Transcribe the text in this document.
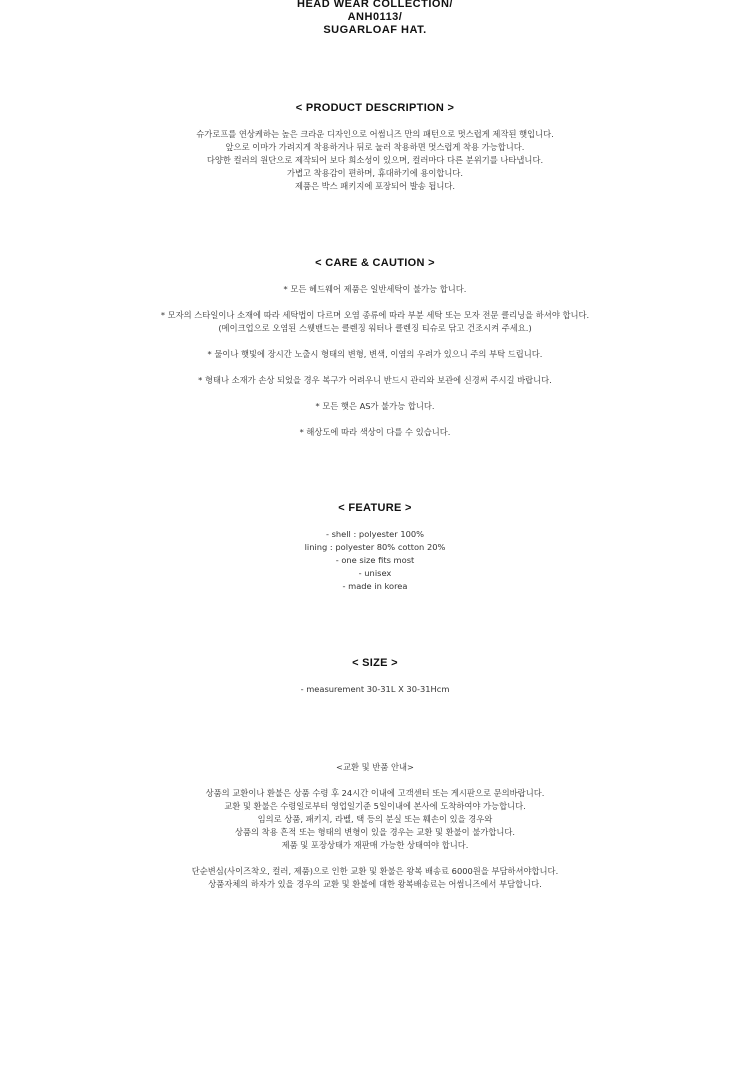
HEAD WEAR COLLECTION/
ANH0113/
SUGARLOAF HAT.
< PRODUCT DESCRIPTION >
슈가로프를 연상케하는 높은 크라운 디자인으로 어썸니즈 만의 패턴으로 멋스럽게 제작된 햇입니다.
앞으로 이마가 가려지게 착용하거나 뒤로 눌러 착용하면 멋스럽게 착용 가능합니다.
다양한 컬러의 원단으로 제작되어 보다 희소성이 있으며, 컬러마다 다른 분위기를 나타냅니다.
가볍고 착용감이 편하며, 휴대하기에 용이합니다.
제품은 박스 패키지에 포장되어 발송 됩니다.
< CARE & CAUTION >
* 모든 헤드웨어 제품은 일반세탁이 불가능 합니다.
* 모자의 스타일이나 소재에 따라 세탁법이 다르며 오염 종류에 따라 부분 세탁 또는 모자 전문 클리닝을 하셔야 합니다.
(메이크업으로 오염된 스웻밴드는 클렌징 워터나 클렌징 티슈로 닦고 건조시켜 주세요.)
* 물이나 햇빛에 장시간 노출시 형태의 변형, 변색, 이염의 우려가 있으니 주의 부탁 드립니다.
* 형태나 소재가 손상 되었을 경우 복구가 어려우니 반드시 관리와 보관에 신경써 주시길 바랍니다.
* 모든 햇은 AS가 불가능 합니다.
* 해상도에 따라 색상이 다를 수 있습니다.
< FEATURE >
- shell : polyester 100%
lining : polyester 80% cotton 20%
- one size fits most
- unisex
- made in korea
< SIZE >
- measurement 30-31L X 30-31Hcm
<교환 및 반품 안내>
상품의 교환이나 환불은 상품 수령 후 24시간 이내에 고객센터 또는 게시판으로 문의바랍니다.
교환 및 환불은 수령일로부터 영업일기준 5일이내에 본사에 도착하여야 가능합니다.
임의로 상품, 패키지, 라벨, 택 등의 분실 또는 훼손이 있을 경우와
상품의 착용 흔적 또는 형태의 변형이 있을 경우는 교환 및 환불이 불가합니다.
제품 및 포장상태가 재판매 가능한 상태여야 합니다.
단순변심(사이즈착오, 컬러, 제품)으로 인한 교환 및 환불은 왕복 배송료 6000원을 부담하셔야합니다.
상품자체의 하자가 있을 경우의 교환 및 환불에 대한 왕복배송료는 어썸니즈에서 부담합니다.
